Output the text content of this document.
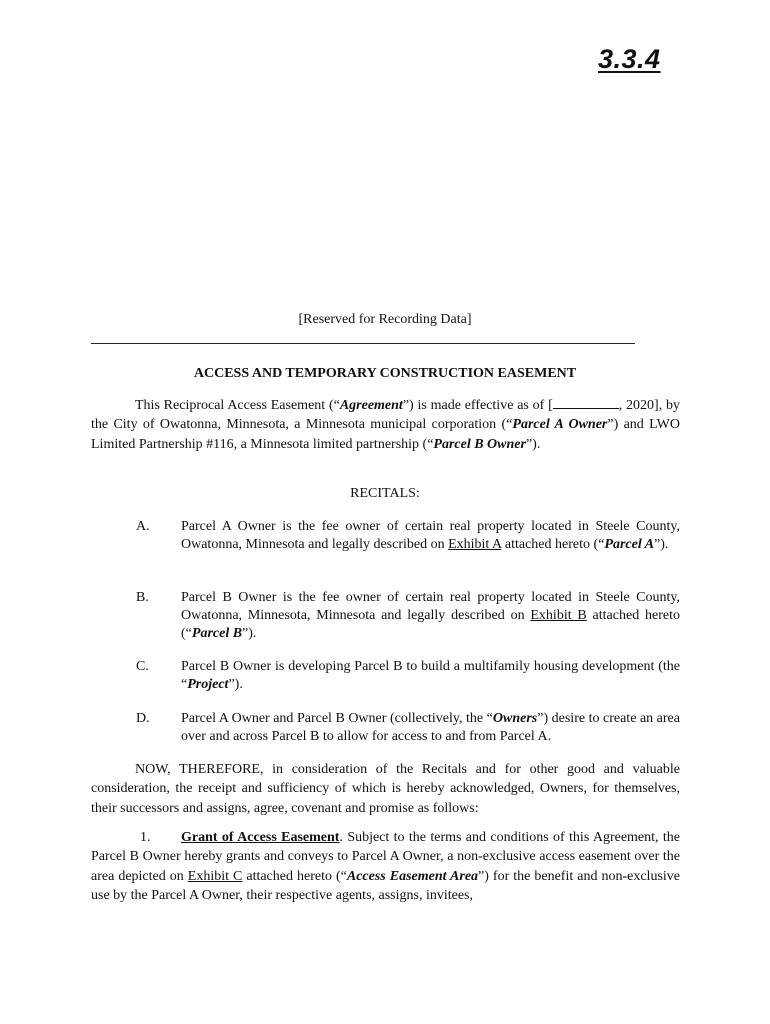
3.3.4
[Reserved for Recording Data]
ACCESS AND TEMPORARY CONSTRUCTION EASEMENT

This Reciprocal Access Easement (“Agreement”) is made effective as of [	, 2020], by the City of Owatonna, Minnesota, a Minnesota municipal corporation (“Parcel A Owner”) and LWO Limited Partnership #116, a Minnesota limited partnership (“Parcel B Owner”).

RECITALS:
A. Parcel A Owner is the fee owner of certain real property located in Steele County, Owatonna, Minnesota and legally described on Exhibit A attached hereto (“Parcel A”).

B. Parcel B Owner is the fee owner of certain real property located in Steele County, Owatonna, Minnesota, Minnesota and legally described on Exhibit B attached hereto (“Parcel B”).

C. Parcel B Owner is developing Parcel B to build a multifamily housing development (the “Project”).

D. Parcel A Owner and Parcel B Owner (collectively, the “Owners”) desire to create an area over and across Parcel B to allow for access to and from Parcel A.

NOW, THEREFORE, in consideration of the Recitals and for other good and valuable consideration, the receipt and sufficiency of which is hereby acknowledged, Owners, for themselves, their successors and assigns, agree, covenant and promise as follows:

1. Grant of Access Easement. Subject to the terms and conditions of this Agreement, the Parcel B Owner hereby grants and conveys to Parcel A Owner, a non-exclusive access easement over the area depicted on Exhibit C attached hereto (“Access Easement Area”) for the benefit and non-exclusive use by the Parcel A Owner, their respective agents, assigns, invitees,
